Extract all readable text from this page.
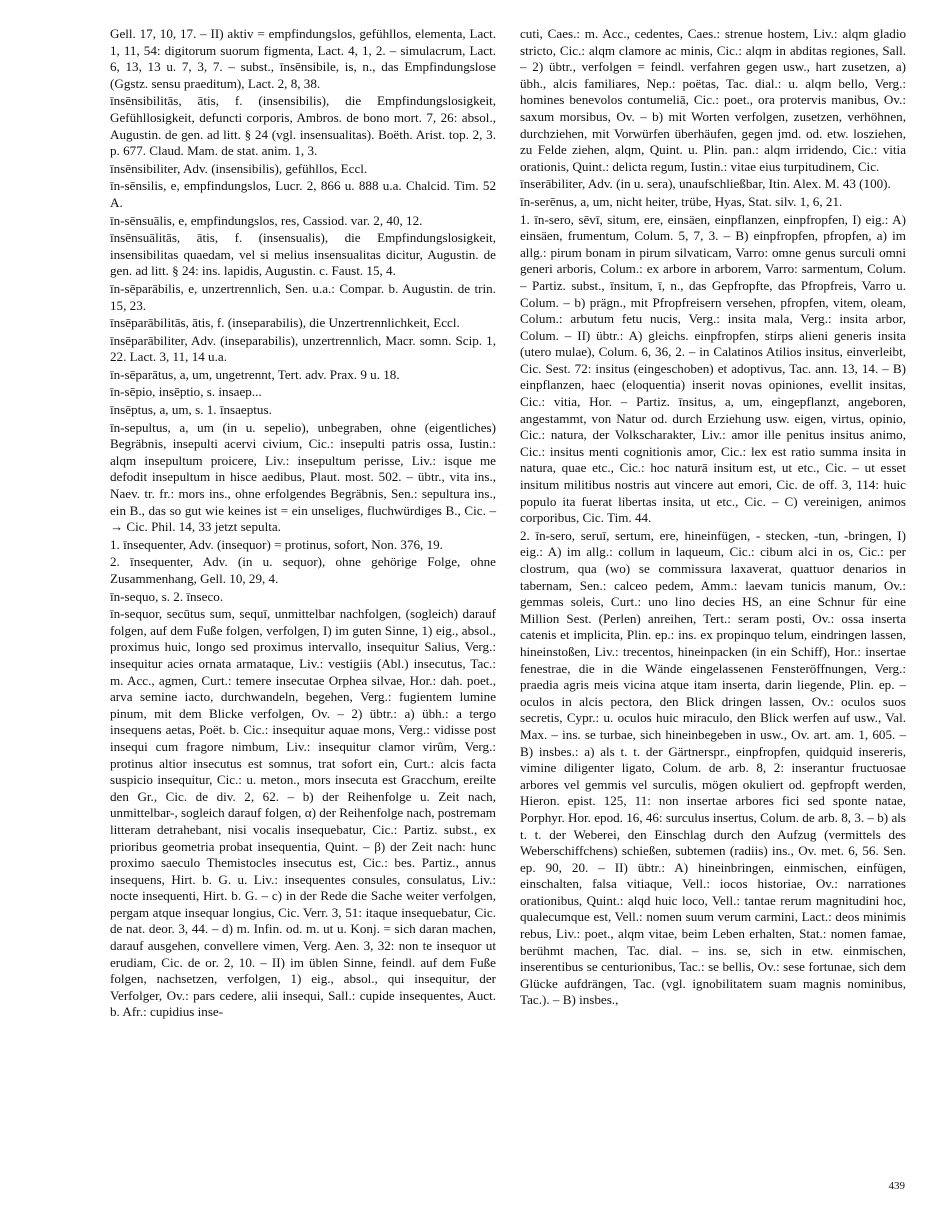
Gell. 17, 10, 17. – II) aktiv = empfindungslos, gefühllos, elementa, Lact. 1, 11, 54: digitorum suorum figmenta, Lact. 4, 1, 2. – simulacrum, Lact. 6, 13, 13 u. 7, 3, 7. – subst., īnsēnsibile, is, n., das Empfindungslose (Ggstz. sensu praeditum), Lact. 2, 8, 38.

īnsēnsibilitās, ātis, f. (insensibilis), die Empfindungslosigkeit, Gefühllosigkeit, defuncti corporis, Ambros. de bono mort. 7, 26: absol., Augustin. de gen. ad litt. § 24 (vgl. insensualitas). Boëth. Arist. top. 2, 3. p. 677. Claud. Mam. de stat. anim. 1, 3.

īnsēnsibiliter, Adv. (insensibilis), gefühllos, Eccl.

īn-sēnsilis, e, empfindungslos, Lucr. 2, 866 u. 888 u.a. Chalcid. Tim. 52 A.

īn-sēnsuālis, e, empfindungslos, res, Cassiod. var. 2, 40, 12.

īnsēnsuālitās, ātis, f. (insensualis), die Empfindungslosigkeit, insensibilitas quaedam, vel si melius insensualitas dicitur, Augustin. de gen. ad litt. § 24: ins. lapidis, Augustin. c. Faust. 15, 4.

īn-sēparābilis, e, unzertrennlich, Sen. u.a.: Compar. b. Augustin. de trin. 15, 23.

īnsēparābilitās, ātis, f. (inseparabilis), die Unzertrennlichkeit, Eccl.

īnsēparābiliter, Adv. (inseparabilis), unzertrennlich, Macr. somn. Scip. 1, 22. Lact. 3, 11, 14 u.a.

īn-sēparātus, a, um, ungetrennt, Tert. adv. Prax. 9 u. 18.

īn-sēpio, insēptio, s. insaep...

īnsēptus, a, um, s. 1. īnsaeptus.

īn-sepultus, a, um (in u. sepelio), unbegraben, ohne (eigentliches) Begräbnis, insepulti acervi civium, Cic.: insepulti patris ossa, Iustin.: alqm insepultum proicere, Liv.: insepultum perisse, Liv.: isque me defodit insepultum in hisce aedibus, Plaut. most. 502. – übtr., vita ins., Naev. tr. fr.: mors ins., ohne erfolgendes Begräbnis, Sen.: sepultura ins., ein B., das so gut wie keines ist = ein unseliges, fluchwürdiges B., Cic. – → Cic. Phil. 14, 33 jetzt sepulta.

1. īnsequenter, Adv. (insequor) = protinus, sofort, Non. 376, 19.

2. īnsequenter, Adv. (in u. sequor), ohne gehörige Folge, ohne Zusammenhang, Gell. 10, 29, 4.

īn-sequo, s. 2. īnseco.

īn-sequor, secūtus sum, sequī, unmittelbar nachfolgen, (sogleich) darauf folgen, auf dem Fuße folgen, verfolgen, I) im guten Sinne, 1) eig., absol., proximus huic, longo sed proximus intervallo, insequitur Salius, Verg.: insequitur acies ornata armataque, Liv.: vestigiis (Abl.) insecutus, Tac.: m. Acc., agmen, Curt.: temere insecutae Orphea silvae, Hor.: dah. poet., arva semine iacto, durchwandeln, begehen, Verg.: fugientem lumine pinum, mit dem Blicke verfolgen, Ov. – 2) übtr.: a) übh.: a tergo insequens aetas, Poët. b. Cic.: insequitur aquae mons, Verg.: vidisse post insequi cum fragore nimbum, Liv.: insequitur clamor virûm, Verg.: protinus altior insecutus est somnus, trat sofort ein, Curt.: alcis facta suspicio insequitur, Cic.: u. meton., mors insecuta est Gracchum, ereilte den Gr., Cic. de div. 2, 62. – b) der Reihenfolge u. Zeit nach, unmittelbar-, sogleich darauf folgen, α) der Reihenfolge nach, postremam litteram detrahebant, nisi vocalis insequebatur, Cic.: Partiz. subst., ex prioribus geometria probat insequentia, Quint. – β) der Zeit nach: hunc proximo saeculo Themistocles insecutus est, Cic.: bes. Partiz., annus insequens, Hirt. b. G. u. Liv.: insequentes consules, consulatus, Liv.: nocte insequenti, Hirt. b. G. – c) in der Rede die Sache weiter verfolgen, pergam atque insequar longius, Cic. Verr. 3, 51: itaque insequebatur, Cic. de nat. deor. 3, 44. – d) m. Infin. od. m. ut u. Konj. = sich daran machen, darauf ausgehen, convellere vimen, Verg. Aen. 3, 32: non te insequor ut erudiam, Cic. de or. 2, 10. – II) im üblen Sinne, feindl. auf dem Fuße folgen, nachsetzen, verfolgen, 1) eig., absol., qui insequitur, der Verfolger, Ov.: pars cedere, alii insequi, Sall.: cupide insequentes, Auct. b. Afr.: cupidius inse-

cuti, Caes.: m. Acc., cedentes, Caes.: strenue hostem, Liv.: alqm gladio stricto, Cic.: alqm clamore ac minis, Cic.: alqm in abditas regiones, Sall. – 2) übtr., verfolgen = feindl. verfahren gegen usw., hart zusetzen, a) übh., alcis familiares, Nep.: poëtas, Tac. dial.: u. alqm bello, Verg.: homines benevolos contumeliā, Cic.: poet., ora protervis manibus, Ov.: saxum morsibus, Ov. – b) mit Worten verfolgen, zusetzen, verhöhnen, durchziehen, mit Vorwürfen überhäufen, gegen jmd. od. etw. losziehen, zu Felde ziehen, alqm, Quint. u. Plin. pan.: alqm irridendo, Cic.: vitia orationis, Quint.: delicta regum, Iustin.: vitae eius turpitudinem, Cic.

īnserābiliter, Adv. (in u. sera), unaufschließbar, Itin. Alex. M. 43 (100).

īn-serēnus, a, um, nicht heiter, trübe, Hyas, Stat. silv. 1, 6, 21.

1. īn-sero, sēvī, situm, ere, einsäen, einpflanzen, einpfropfen, I) eig.: A) einsäen, frumentum, Colum. 5, 7, 3. – B) einpfropfen, pfropfen, a) im allg.: pirum bonam in pirum silvaticam, Varro: omne genus surculi omni generi arboris, Colum.: ex arbore in arborem, Varro: sarmentum, Colum. – Partiz. subst., īnsitum, ī, n., das Gepfropfte, das Pfropfreis, Varro u. Colum. – b) prägn., mit Pfropfreisern versehen, pfropfen, vitem, oleam, Colum.: arbutum fetu nucis, Verg.: insita mala, Verg.: insita arbor, Colum. – II) übtr.: A) gleichs. einpfropfen, stirps alieni generis insita (utero mulae), Colum. 6, 36, 2. – in Calatinos Atilios insitus, einverleibt, Cic. Sest. 72: insitus (eingeschoben) et adoptivus, Tac. ann. 13, 14. – B) einpflanzen, haec (eloquentia) inserit novas opiniones, evellit insitas, Cic.: vitia, Hor. – Partiz. īnsitus, a, um, eingepflanzt, angeboren, angestammt, von Natur od. durch Erziehung usw. eigen, virtus, opinio, Cic.: natura, der Volkscharakter, Liv.: amor ille penitus insitus animo, Cic.: insitus menti cognitionis amor, Cic.: lex est ratio summa insita in natura, quae etc., Cic.: hoc naturā insitum est, ut etc., Cic. – ut esset insitum militibus nostris aut vincere aut emori, Cic. de off. 3, 114: huic populo ita fuerat libertas insita, ut etc., Cic. – C) vereinigen, animos corporibus, Cic. Tim. 44.

2. īn-sero, seruī, sertum, ere, hineinfügen, - stecken, -tun, -bringen, I) eig.: A) im allg.: collum in laqueum, Cic.: cibum alci in os, Cic.: per clostrum, qua (wo) se commissura laxaverat, quattuor denarios in tabernam, Sen.: calceo pedem, Amm.: laevam tunicis manum, Ov.: gemmas soleis, Curt.: uno lino decies HS, an eine Schnur für eine Million Sest. (Perlen) anreihen, Tert.: seram posti, Ov.: ossa inserta catenis et implicita, Plin. ep.: ins. ex propinquo telum, eindringen lassen, hineinstoßen, Liv.: trecentos, hineinpacken (in ein Schiff), Hor.: insertae fenestrae, die in die Wände eingelassenen Fensteröffnungen, Verg.: praedia agris meis vicina atque itam inserta, darin liegende, Plin. ep. – oculos in alcis pectora, den Blick dringen lassen, Ov.: oculos suos secretis, Cypr.: u. oculos huic miraculo, den Blick werfen auf usw., Val. Max. – ins. se turbae, sich hineinbegeben in usw., Ov. art. am. 1, 605. – B) insbes.: a) als t. t. der Gärtnerspr., einpfropfen, quidquid insereris, vimine diligenter ligato, Colum. de arb. 8, 2: inserantur fructuosae arbores vel gemmis vel surculis, mögen okuliert od. gepfropft werden, Hieron. epist. 125, 11: non insertae arbores fici sed sponte natae, Porphyr. Hor. epod. 16, 46: surculus insertus, Colum. de arb. 8, 3. – b) als t. t. der Weberei, den Einschlag durch den Aufzug (vermittels des Weberschiffchens) schießen, subtemen (radiis) ins., Ov. met. 6, 56. Sen. ep. 90, 20. – II) übtr.: A) hineinbringen, einmischen, einfügen, einschalten, falsa vitiaque, Vell.: iocos historiae, Ov.: narrationes orationibus, Quint.: alqd huic loco, Vell.: tantae rerum magnitudini hoc, qualecumque est, Vell.: nomen suum verum carmini, Lact.: deos minimis rebus, Liv.: poet., alqm vitae, beim Leben erhalten, Stat.: nomen famae, berühmt machen, Tac. dial. – ins. se, sich in etw. einmischen, inserentibus se centurionibus, Tac.: se bellis, Ov.: sese fortunae, sich dem Glücke aufdrängen, Tac. (vgl. ignobilitatem suam magnis nominibus, Tac.). – B) insbes.,

439
